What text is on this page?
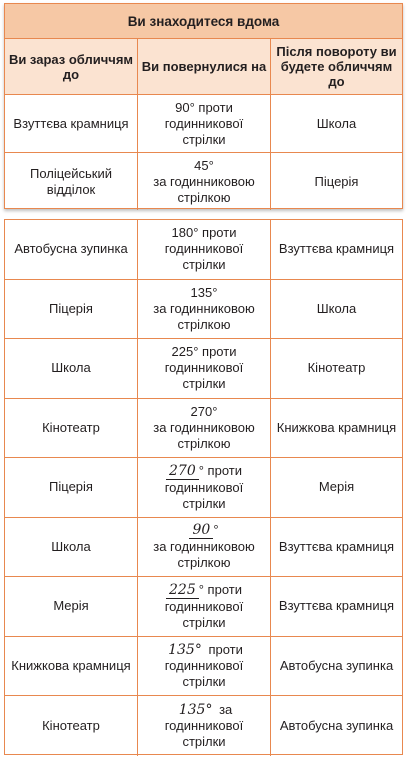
Ви знаходитеся вдома
Ви зараз обличчям до	Ви повернулися на
Після повороту ви будете обличчям до
Взуттєва крамниця
90° проти
годинникової
стрілки
Школа
Поліцейський відділок
45°
за годинниковою
стрілкою
Піцерія
Автобусна зупинка
180° проти
годинникової
стрілки
Взуттєва крамниця
Піцерія
135°
за годинниковою
стрілкою
Школа
Школа
225° проти
годинникової
стрілки
Кінотеатр
Кінотеатр
270°
за годинниковою
стрілкою
Книжкова крамниця
Піцерія
270 ° проти
годинникової
стрілки
Мерія
Школа
90 °
за годинниковою
стрілкою
Взуттєва крамниця
Мерія
225 ° проти
годинникової
стрілки
Взуттєва крамниця
Книжкова крамниця
135° проти
годинникової
стрілки
Автобусна зупинка
Кінотеатр
135° за
годинникової
стрілки
Автобусна зупинка
